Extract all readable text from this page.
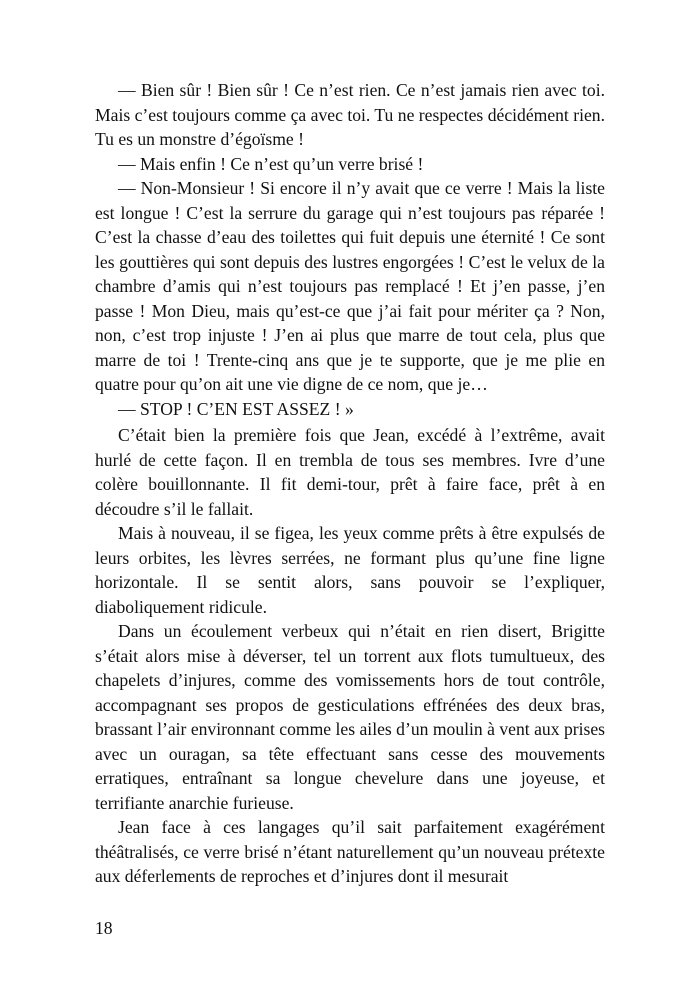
— Bien sûr ! Bien sûr ! Ce n’est rien. Ce n’est jamais rien avec toi. Mais c’est toujours comme ça avec toi. Tu ne respectes décidément rien. Tu es un monstre d’égoïsme !

— Mais enfin ! Ce n’est qu’un verre brisé !

— Non-Monsieur ! Si encore il n’y avait que ce verre ! Mais la liste est longue ! C’est la serrure du garage qui n’est toujours pas réparée ! C’est la chasse d’eau des toilettes qui fuit depuis une éternité ! Ce sont les gouttières qui sont depuis des lustres engorgées ! C’est le velux de la chambre d’amis qui n’est toujours pas remplacé ! Et j’en passe, j’en passe ! Mon Dieu, mais qu’est-ce que j’ai fait pour mériter ça ? Non, non, c’est trop injuste ! J’en ai plus que marre de tout cela, plus que marre de toi ! Trente-cinq ans que je te supporte, que je me plie en quatre pour qu’on ait une vie digne de ce nom, que je…

— STOP ! C’EN EST ASSEZ ! »

C’était bien la première fois que Jean, excédé à l’extrême, avait hurlé de cette façon. Il en trembla de tous ses membres. Ivre d’une colère bouillonnante. Il fit demi-tour, prêt à faire face, prêt à en découdre s’il le fallait.

Mais à nouveau, il se figea, les yeux comme prêts à être expulsés de leurs orbites, les lèvres serrées, ne formant plus qu’une fine ligne horizontale. Il se sentit alors, sans pouvoir se l’expliquer, diaboliquement ridicule.

Dans un écoulement verbeux qui n’était en rien disert, Brigitte s’était alors mise à déverser, tel un torrent aux flots tumultueux, des chapelets d’injures, comme des vomissements hors de tout contrôle, accompagnant ses propos de gesticulations effrénées des deux bras, brassant l’air environnant comme les ailes d’un moulin à vent aux prises avec un ouragan, sa tête effectuant sans cesse des mouvements erratiques, entraînant sa longue chevelure dans une joyeuse, et terrifiante anarchie furieuse.

Jean face à ces langages qu’il sait parfaitement exagérément théâtralisés, ce verre brisé n’étant naturellement qu’un nouveau prétexte aux déferlements de reproches et d’injures dont il mesurait

18
